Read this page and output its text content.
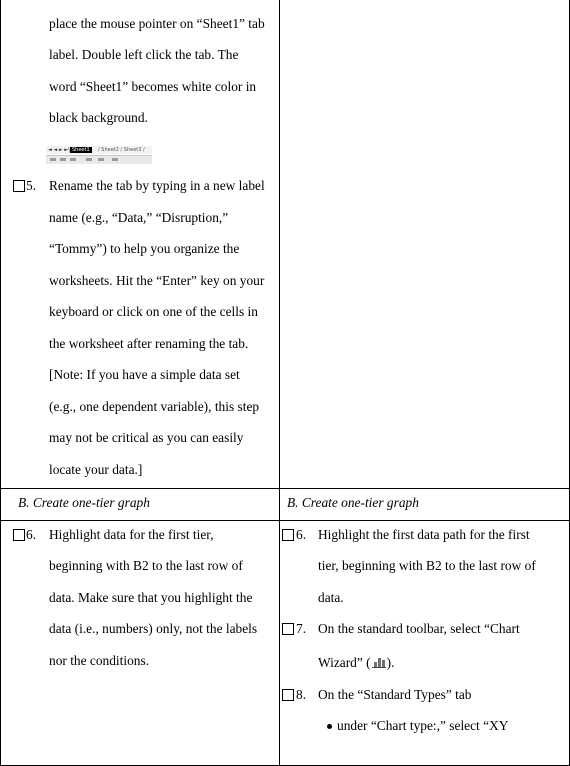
place the mouse pointer on “Sheet1” tab
label. Double left click the tab. The
word “Sheet1” becomes white color in
black background.
◄ ◄ ► ►\ Sheet1	/ Sheet2 / Sheet3 /
5. Rename the tab by typing in a new label
name (e.g., “Data,” “Disruption,”
“Tommy”) to help you organize the
worksheets. Hit the “Enter” key on your
keyboard or click on one of the cells in
the worksheet after renaming the tab.
[Note: If you have a simple data set
(e.g., one dependent variable), this step
may not be critical as you can easily
locate your data.]
B. Create one-tier graph	B. Create one-tier graph
6. Highlight data for the first tier,
beginning with B2 to the last row of
data. Make sure that you highlight the
data (i.e., numbers) only, not the labels
nor the conditions.
6. Highlight the first data path for the first
tier, beginning with B2 to the last row of
data.
7. On the standard toolbar, select “Chart
Wizard” ( ).
8. On the “Standard Types” tab
under “Chart type:,” select “XY
